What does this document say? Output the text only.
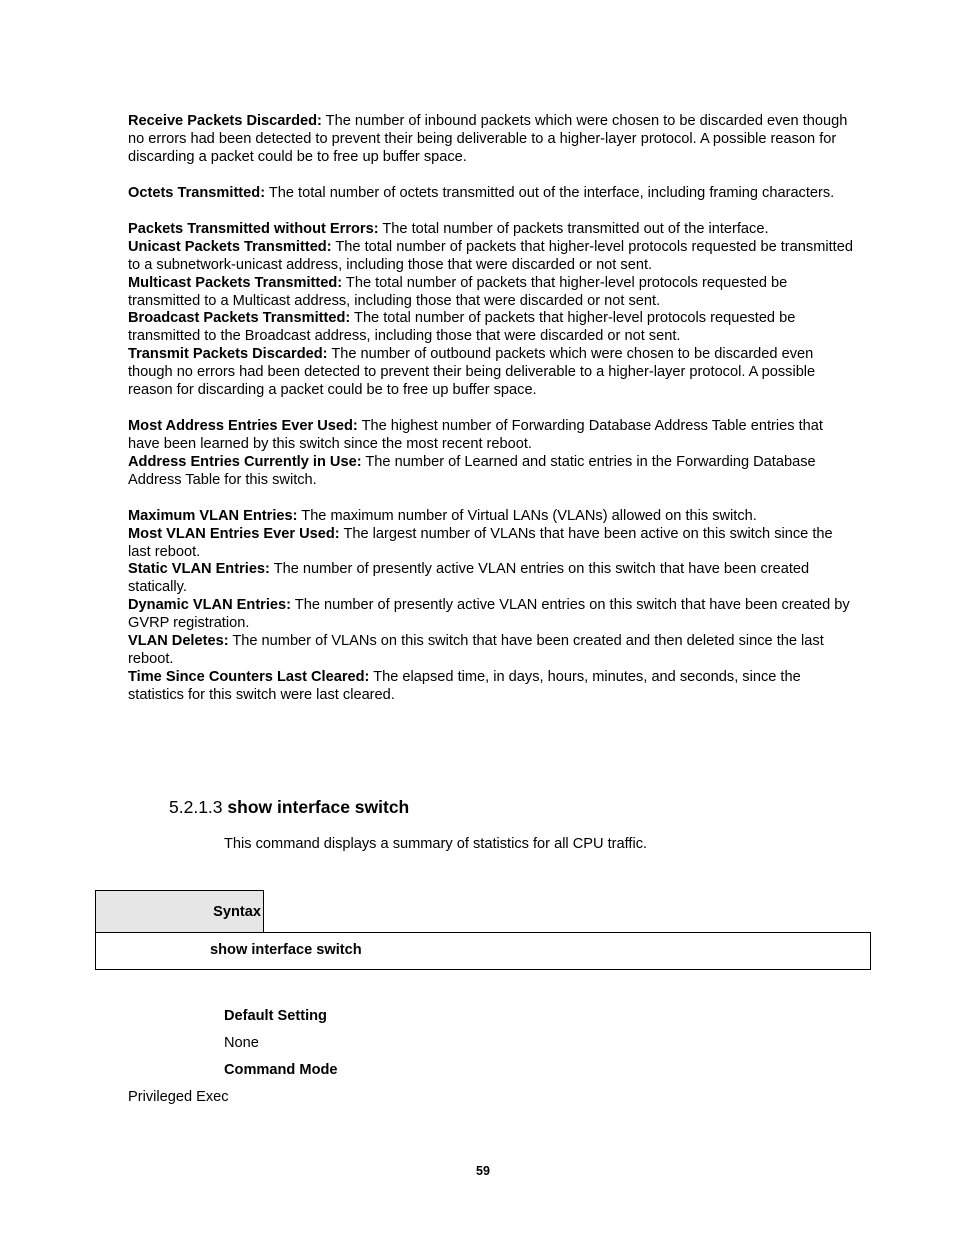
Receive Packets Discarded: The number of inbound packets which were chosen to be discarded even though no errors had been detected to prevent their being deliverable to a higher-layer protocol. A possible reason for discarding a packet could be to free up buffer space.
Octets Transmitted: The total number of octets transmitted out of the interface, including framing characters.
Packets Transmitted without Errors: The total number of packets transmitted out of the interface.
Unicast Packets Transmitted: The total number of packets that higher-level protocols requested be transmitted to a subnetwork-unicast address, including those that were discarded or not sent.
Multicast Packets Transmitted: The total number of packets that higher-level protocols requested be transmitted to a Multicast address, including those that were discarded or not sent.
Broadcast Packets Transmitted: The total number of packets that higher-level protocols requested be transmitted to the Broadcast address, including those that were discarded or not sent.
Transmit Packets Discarded: The number of outbound packets which were chosen to be discarded even though no errors had been detected to prevent their being deliverable to a higher-layer protocol. A possible reason for discarding a packet could be to free up buffer space.
Most Address Entries Ever Used: The highest number of Forwarding Database Address Table entries that have been learned by this switch since the most recent reboot.
Address Entries Currently in Use: The number of Learned and static entries in the Forwarding Database Address Table for this switch.
Maximum VLAN Entries: The maximum number of Virtual LANs (VLANs) allowed on this switch.
Most VLAN Entries Ever Used: The largest number of VLANs that have been active on this switch since the last reboot.
Static VLAN Entries: The number of presently active VLAN entries on this switch that have been created statically.
Dynamic VLAN Entries: The number of presently active VLAN entries on this switch that have been created by GVRP registration.
VLAN Deletes: The number of VLANs on this switch that have been created and then deleted since the last reboot.
Time Since Counters Last Cleared: The elapsed time, in days, hours, minutes, and seconds, since the statistics for this switch were last cleared.
5.2.1.3 show interface switch
This command displays a summary of statistics for all CPU traffic.
Syntax
show interface switch
Default Setting
None
Command Mode
Privileged Exec
59
